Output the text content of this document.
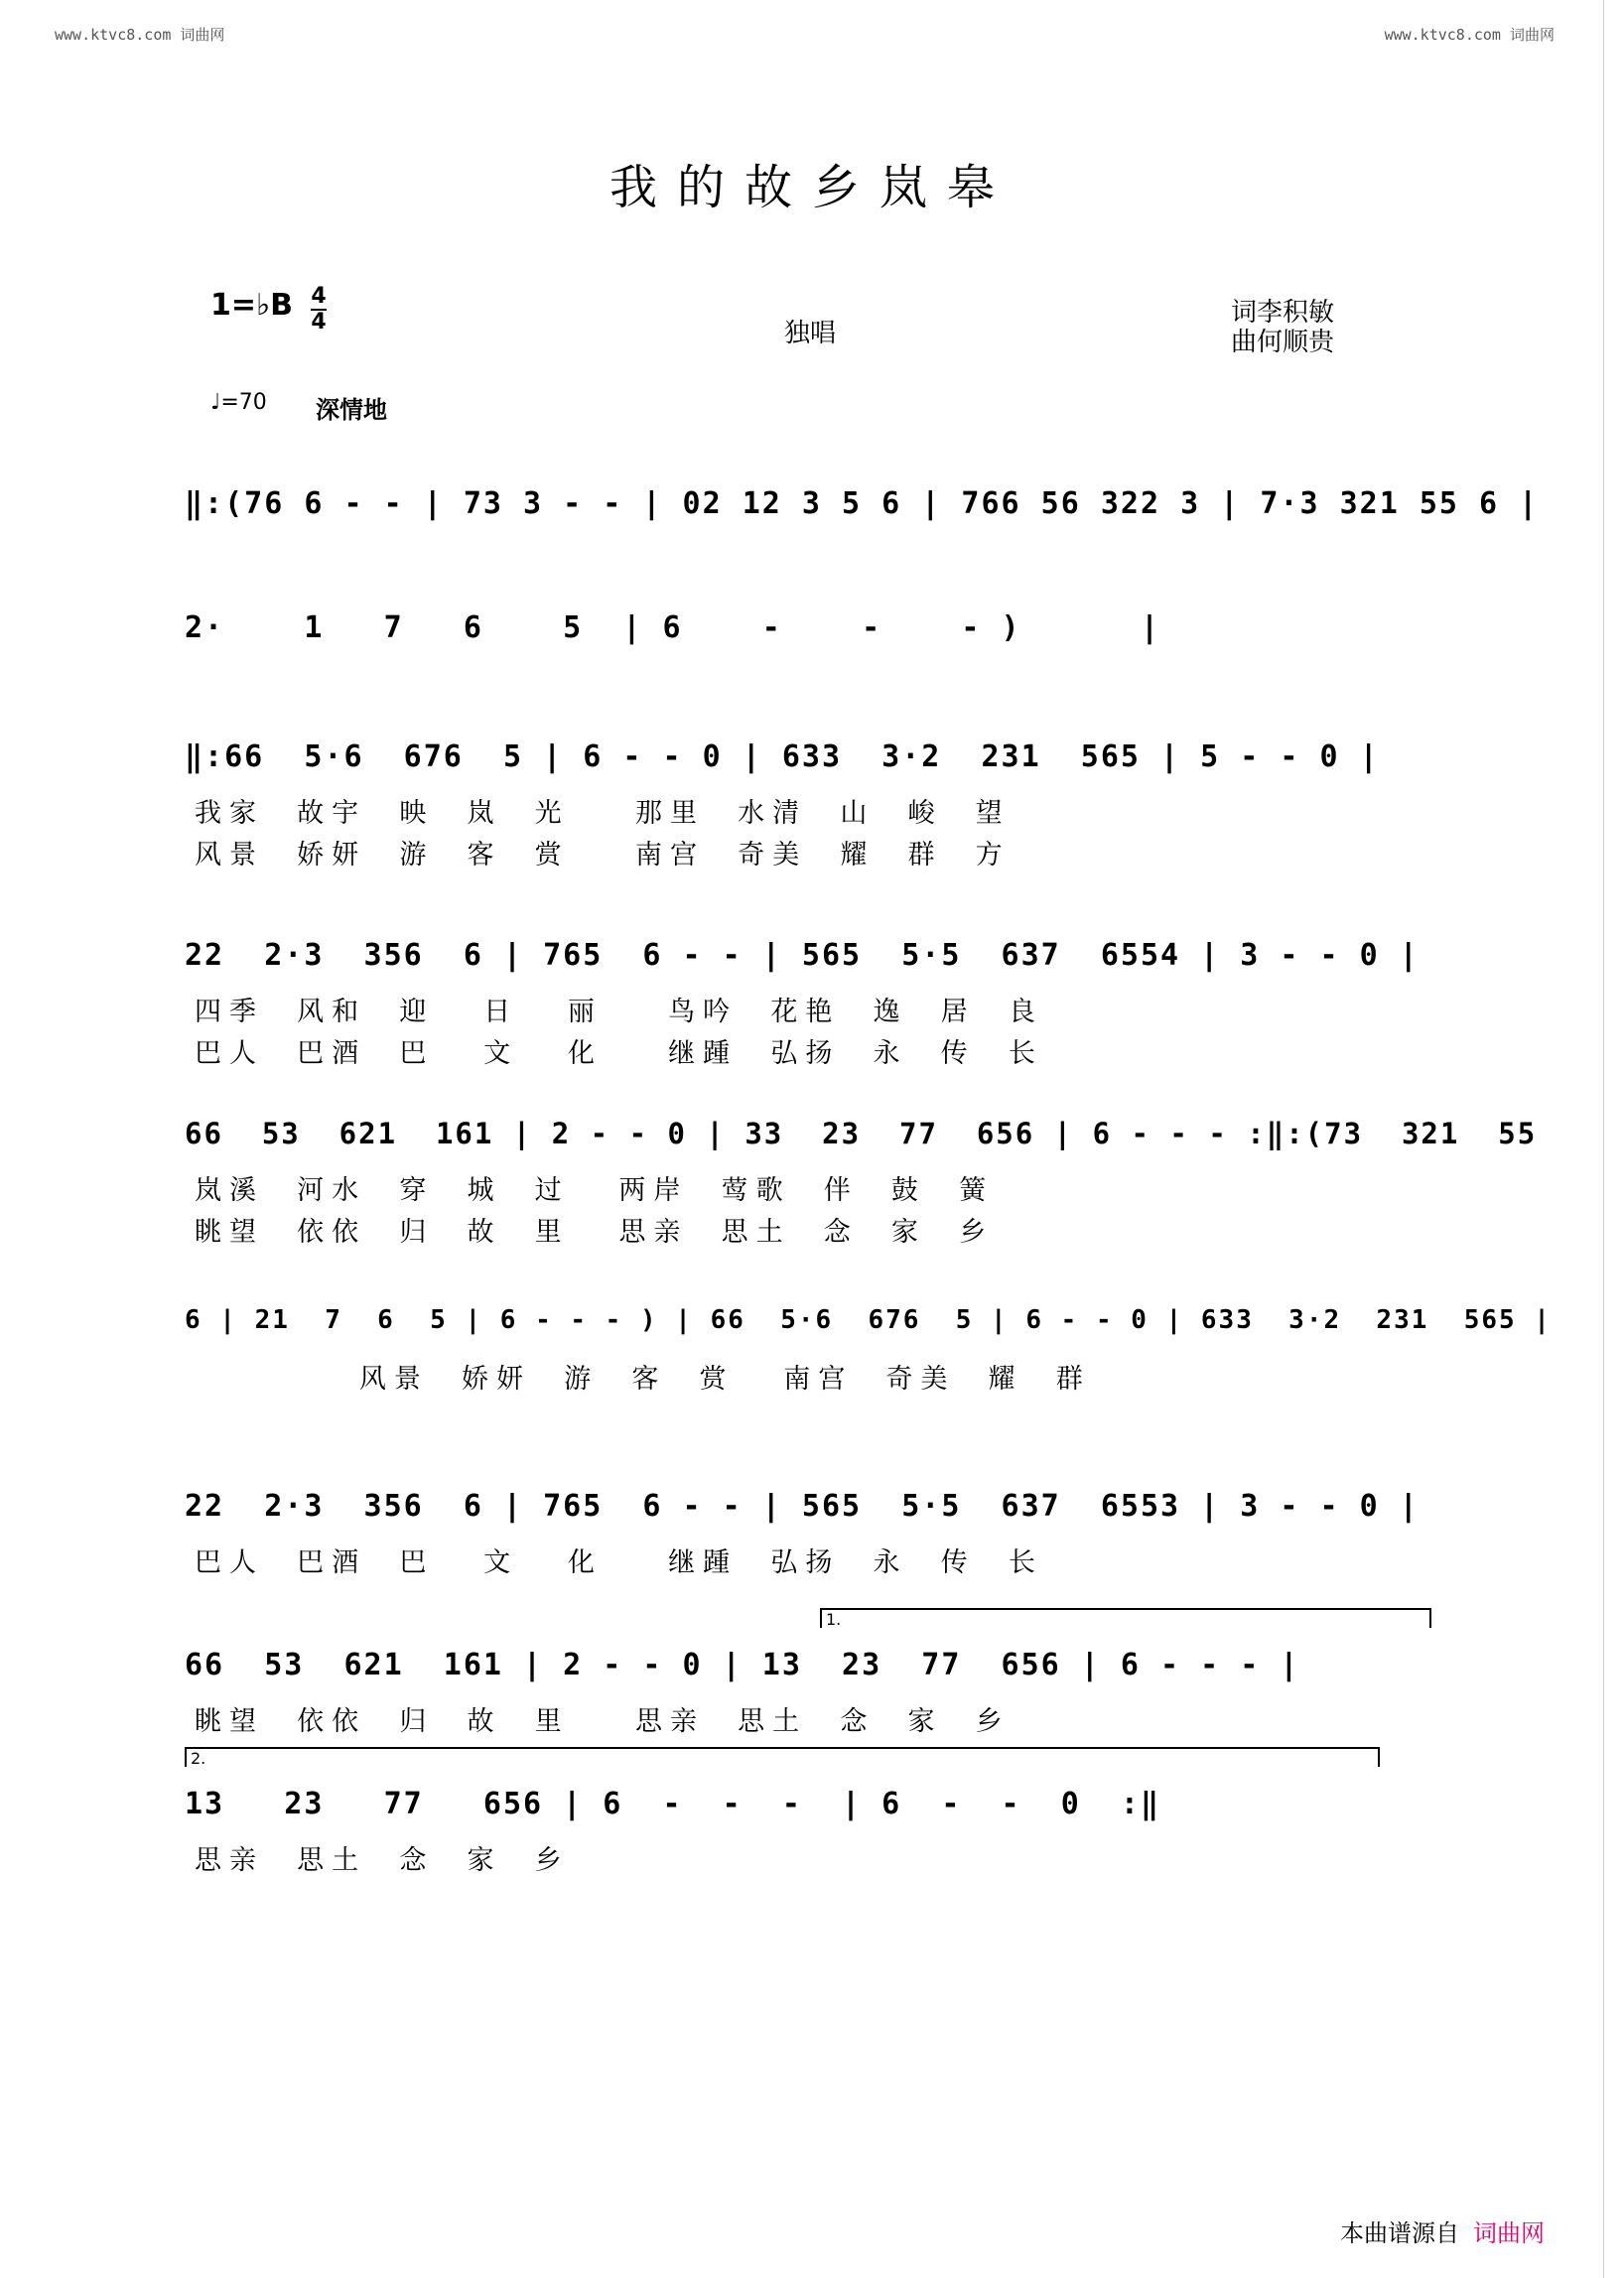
www.ktvc8.com 词曲网	www.ktvc8.com 词曲网
我的故乡岚皋
1=♭B 4
4	独唱
词李积敏
曲何顺贵
♩=70 深情地
‖:(76 6 - - | 73 3 - - | 02 12 3 5 6 | 766 56 322 3 | 7·3 321 55 6 |
2·    1   7   6    5  | 6    -    -    - )      |
‖:66  5·6  676  5 | 6 - - 0 | 633  3·2  231  565 | 5 - - 0 |
我家  故宇  映  岚  光    那里  水清  山  峻  望
风景  娇妍  游  客  赏    南宫  奇美  耀  群  方
22  2·3  356  6 | 765  6 - - | 565  5·5  637  6554 | 3 - - 0 |
四季  风和  迎   日   丽    鸟吟  花艳  逸  居  良
巴人  巴酒  巴   文   化    继踵  弘扬  永  传  长
66  53  621  161 | 2 - - 0 | 33  23  77  656 | 6 - - - :‖:(73  321  55
岚溪  河水  穿  城  过   两岸  莺歌  伴  鼓  簧
眺望  依依  归  故  里   思亲  思土  念  家  乡
6 | 21  7  6  5 | 6 - - - ) | 66  5·6  676  5 | 6 - - 0 | 633  3·2  231  565 |
风景  娇妍  游  客  赏   南宫  奇美  耀  群
22  2·3  356  6 | 765  6 - - | 565  5·5  637  6553 | 3 - - 0 |
巴人  巴酒  巴   文   化    继踵  弘扬  永  传  长
1.
66  53  621  161 | 2 - - 0 | 13  23  77  656 | 6 - - - |
眺望  依依  归  故  里    思亲  思土  念  家  乡
2.
13   23   77   656 | 6  -  -  -  | 6  -  -  0  :‖
思亲  思土  念  家  乡
本曲谱源自 词曲网
